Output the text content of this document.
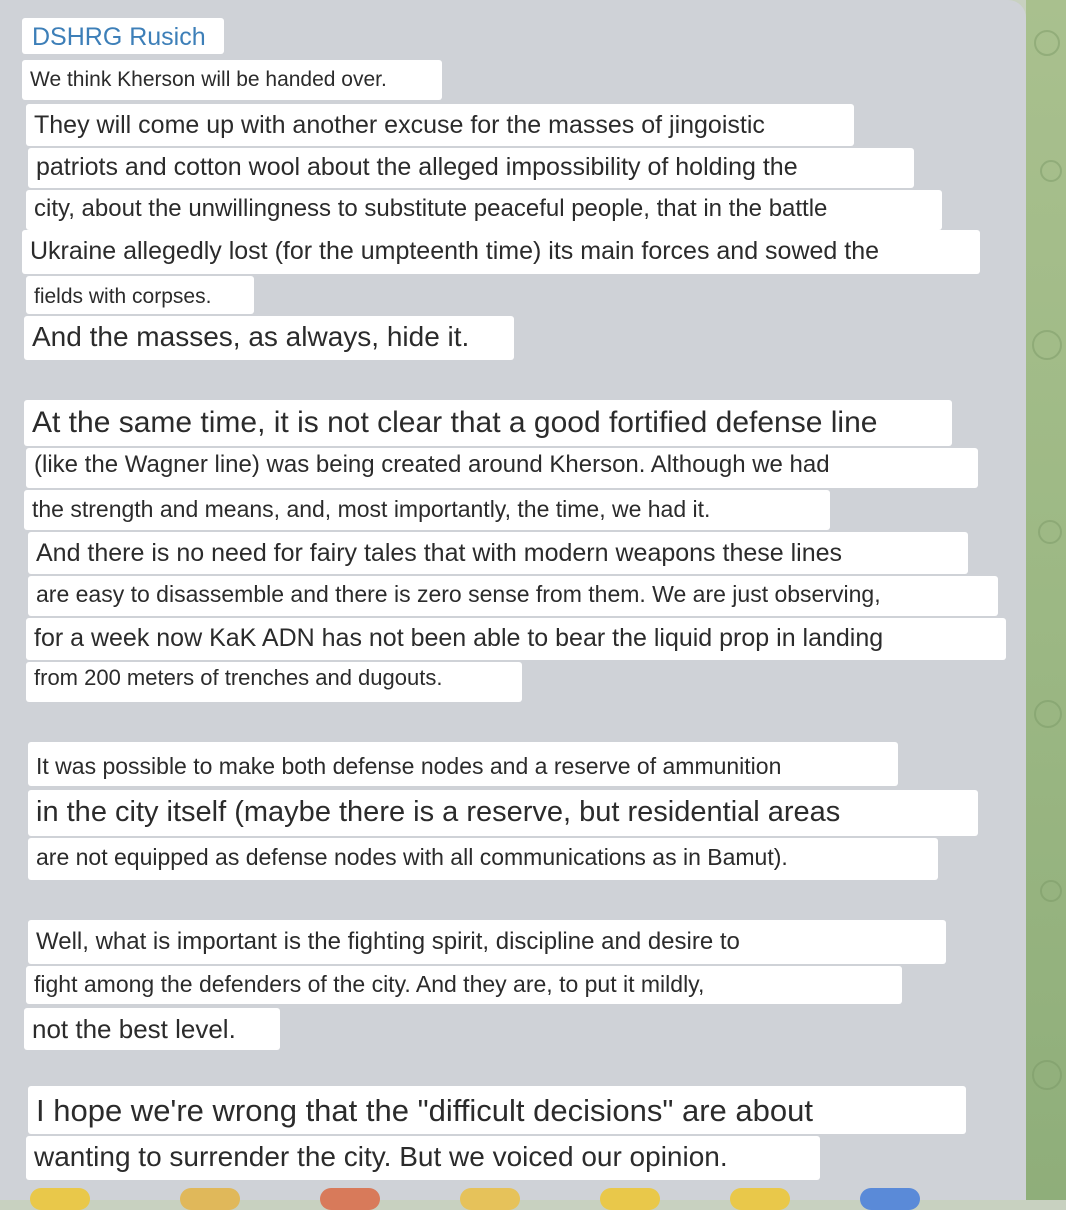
DSHRG Rusich
We think Kherson will be handed over.
They will come up with another excuse for the masses of jingoistic
patriots and cotton wool about the alleged impossibility of holding the
city, about the unwillingness to substitute peaceful people, that in the battle
Ukraine allegedly lost (for the umpteenth time) its main forces and sowed the
fields with corpses.
And the masses, as always, hide it.
At the same time, it is not clear that a good fortified defense line
(like the Wagner line) was being created around Kherson. Although we had
the strength and means, and, most importantly, the time, we had it.
And there is no need for fairy tales that with modern weapons these lines
are easy to disassemble and there is zero sense from them. We are just observing,
for a week now KaK ADN has not been able to bear the liquid prop in landing
from 200 meters of trenches and dugouts.
It was possible to make both defense nodes and a reserve of ammunition
in the city itself (maybe there is a reserve, but residential areas
are not equipped as defense nodes with all communications as in Bamut).
Well, what is important is the fighting spirit, discipline and desire to
fight among the defenders of the city. And they are, to put it mildly,
not the best level.
I hope we're wrong that the "difficult decisions" are about
wanting to surrender the city. But we voiced our opinion.
